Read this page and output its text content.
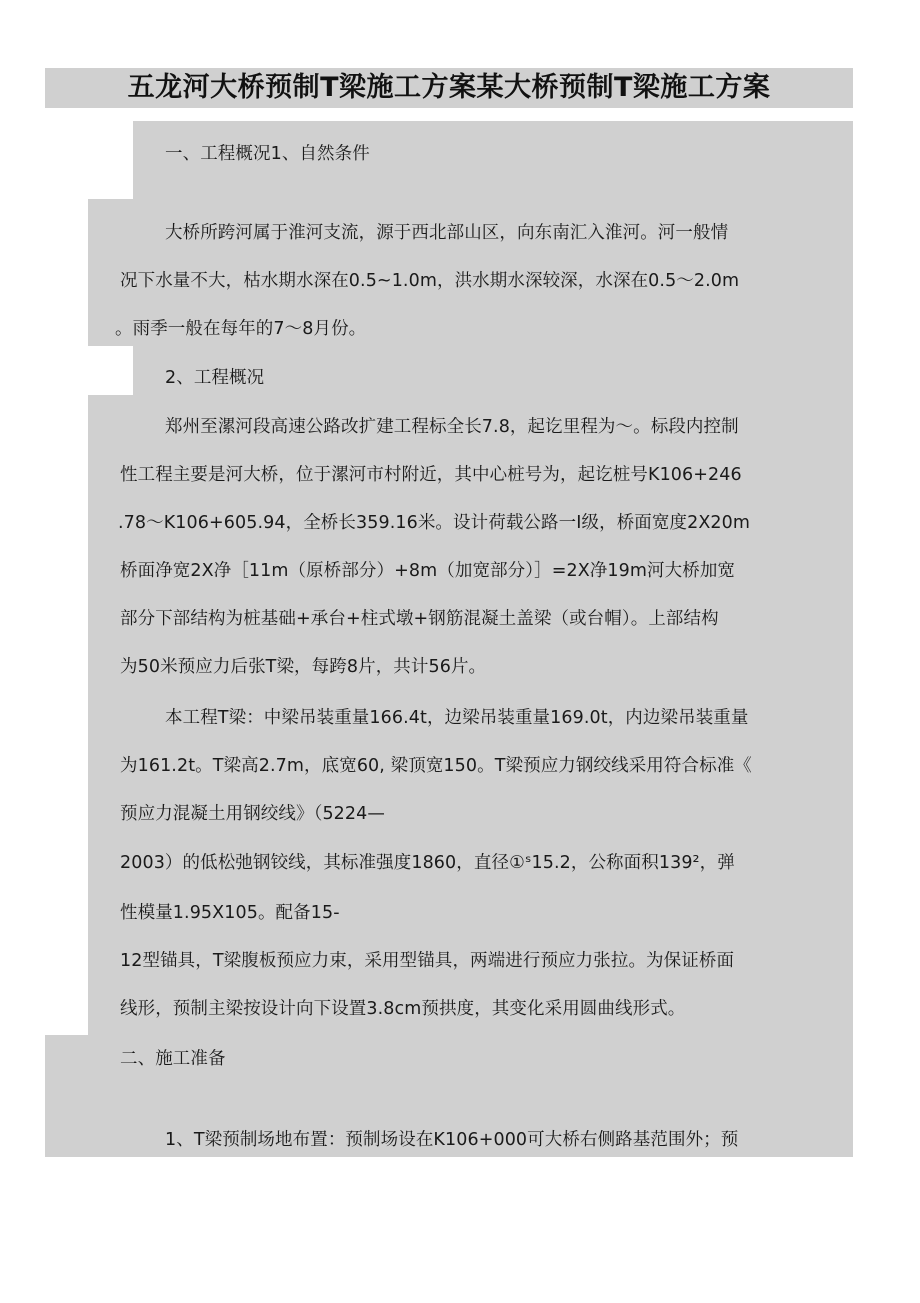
五龙河大桥预制T梁施工方案某大桥预制T梁施工方案
一、工程概况1、自然条件
大桥所跨河属于淮河支流，源于西北部山区，向东南汇入淮河。河一般情
况下水量不大，枯水期水深在0.5~1.0m，洪水期水深较深，水深在0.5～2.0m
。雨季一般在每年的7～8月份。
2、工程概况
郑州至漯河段高速公路改扩建工程标全长7.8，起讫里程为～。标段内控制
性工程主要是河大桥，位于漯河市村附近，其中心桩号为，起讫桩号K106+246
.78～K106+605.94，全桥长359.16米。设计荷载公路一Ⅰ级，桥面宽度2X20m
桥面净宽2X净［11m（原桥部分）+8m（加宽部分）］=2X净19m河大桥加宽
部分下部结构为桩基础+承台+柱式墩+钢筋混凝土盖梁（或台帽）。上部结构
为50米预应力后张T梁，每跨8片，共计56片。
本工程T梁：中梁吊装重量166.4t，边梁吊装重量169.0t，内边梁吊装重量
为161.2t。T梁高2.7m，底宽60, 梁顶宽150。T梁预应力钢绞线采用符合标准《
预应力混凝土用钢绞线》（5224—
2003）的低松弛钢铰线，其标准强度1860，直径①ˢ15.2，公称面积139²，弹
性模量1.95X105。配备15-
12型锚具，T梁腹板预应力束，采用型锚具，两端进行预应力张拉。为保证桥面
线形，预制主梁按设计向下设置3.8cm预拱度，其变化采用圆曲线形式。
二、施工准备
1、T梁预制场地布置：预制场设在K106+000可大桥右侧路基范围外；预
